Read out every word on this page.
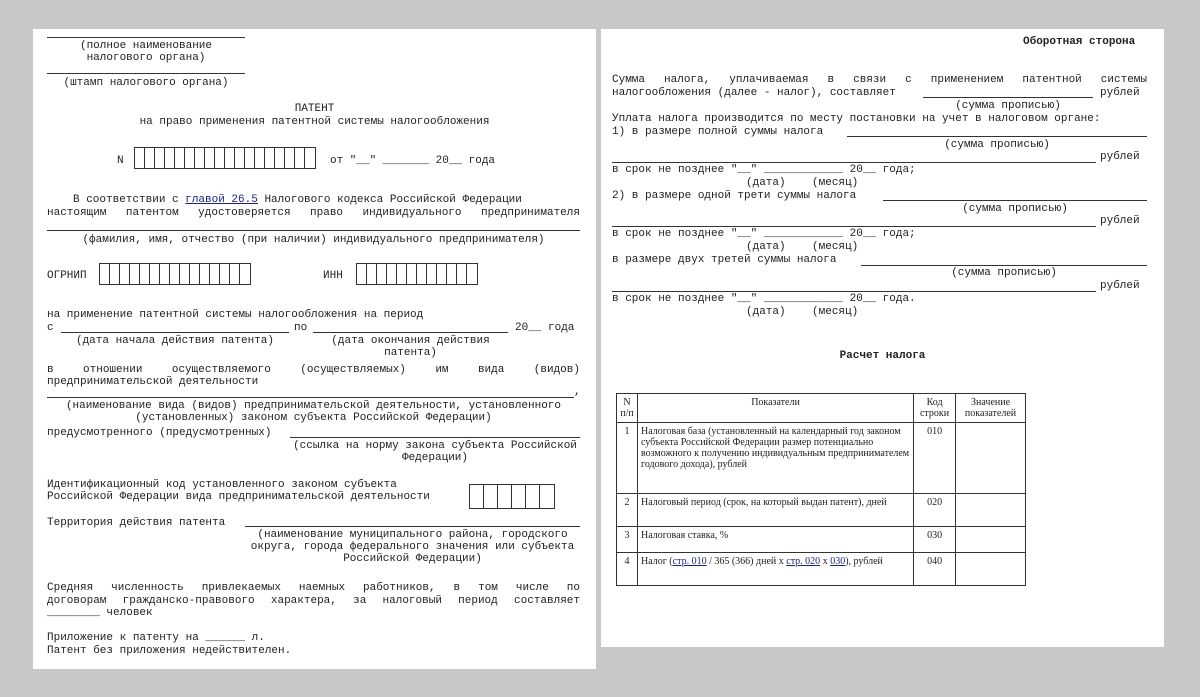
(полное наименование налогового органа)
(штамп налогового органа)
ПАТЕНТ
на право применения патентной системы налогообложения
N	от "__" _______ 20__ года
В соответствии с главой 26.5 Налогового кодекса Российской Федерации
настоящим патентом удостоверяется право индивидуального предпринимателя
(фамилия, имя, отчество (при наличии) индивидуального предпринимателя)
ОГРНИП	ИНН
на применение патентной системы налогообложения на период
с	по	20__ года
(дата начала действия патента)	(дата окончания действия патента)
в отношении осуществляемого (осуществляемых) им вида (видов)
предпринимательской деятельности
,
(наименование вида (видов) предпринимательской деятельности, установленного (установленных) законом субъекта Российской Федерации)
предусмотренного (предусмотренных)
(ссылка на норму закона субъекта Российской Федерации)
Идентификационный код установленного законом субъекта
Российской Федерации вида предпринимательской деятельности
Территория действия патента
(наименование муниципального района, городского округа, города федерального значения или субъекта Российской Федерации)
Средняя численность привлекаемых наемных работников, в том числе по
договорам гражданско-правового характера, за налоговый период составляет
________ человек
Приложение к патенту на ______ л.
Патент без приложения недействителен.
Оборотная сторона
Сумма налога, уплачиваемая в связи с применением патентной системы
налогообложения (далее - налог), составляет	рублей
(сумма прописью)
Уплата налога производится по месту постановки на учет в налоговом органе:
1) в размере полной суммы налога
(сумма прописью)
рублей
в срок не позднее "__" ____________ 20__ года;
(дата)    (месяц)
2) в размере одной трети суммы налога
(сумма прописью)
рублей
в срок не позднее "__" ____________ 20__ года;
(дата)    (месяц)
в размере двух третей суммы налога
(сумма прописью)
рублей
в срок не позднее "__" ____________ 20__ года.
(дата)    (месяц)
Расчет налога
N
п/п	Показатели	Код
строки	Значение
показателей
1	Налоговая база (установленный на календарный год законом субъекта Российской Федерации размер потенциально возможного к получению индивидуальным предпринимателем годового дохода), рублей	010	
2	Налоговый период (срок, на который выдан патент), дней	020	
3	Налоговая ставка, %	030	
4	Налог (стр. 010 / 365 (366) дней x стр. 020 x 030), рублей	040	
